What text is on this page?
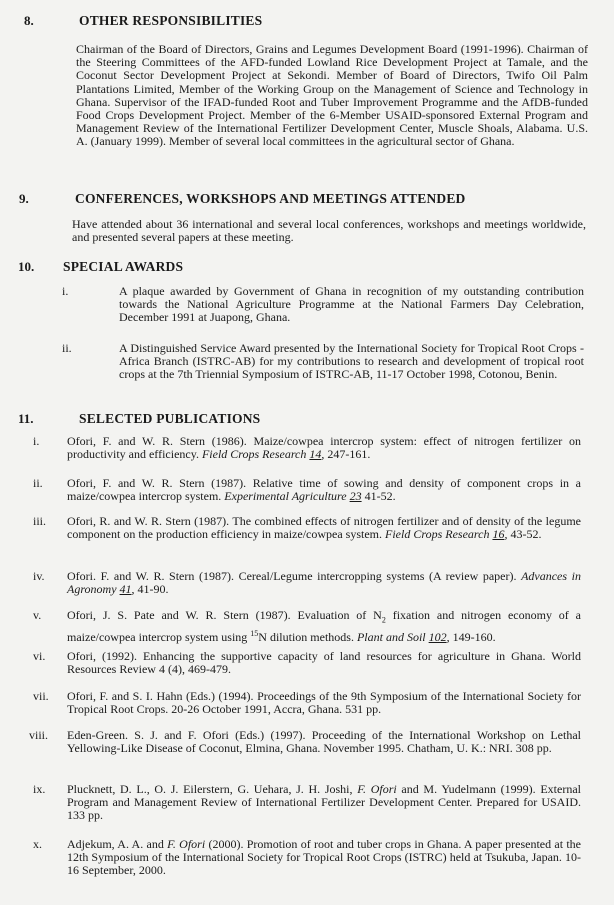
8.	OTHER RESPONSIBILITIES
Chairman of the Board of Directors, Grains and Legumes Development Board (1991-1996). Chairman of the Steering Committees of the AFD-funded Lowland Rice Development Project at Tamale, and the Coconut Sector Development Project at Sekondi. Member of Board of Directors, Twifo Oil Palm Plantations Limited, Member of the Working Group on the Management of Science and Technology in Ghana. Supervisor of the IFAD-funded Root and Tuber Improvement Programme and the AfDB-funded Food Crops Development Project. Member of the 6-Member USAID-sponsored External Program and Management Review of the International Fertilizer Development Center, Muscle Shoals, Alabama. U.S. A. (January 1999). Member of several local committees in the agricultural sector of Ghana.
9.	CONFERENCES, WORKSHOPS AND MEETINGS ATTENDED
Have attended about 36 international and several local conferences, workshops and meetings worldwide, and presented several papers at these meeting.
10. SPECIAL AWARDS
i.	A plaque awarded by Government of Ghana in recognition of my outstanding contribution towards the National Agriculture Programme at the National Farmers Day Celebration, December 1991 at Juapong, Ghana.
ii.	A Distinguished Service Award presented by the International Society for Tropical Root Crops - Africa Branch (ISTRC-AB) for my contributions to research and development of tropical root crops at the 7th Triennial Symposium of ISTRC-AB, 11-17 October 1998, Cotonou, Benin.
11.	SELECTED PUBLICATIONS
i. Ofori, F. and W. R. Stern (1986). Maize/cowpea intercrop system: effect of nitrogen fertilizer on productivity and efficiency. Field Crops Research 14, 247-161.
ii. Ofori, F. and W. R. Stern (1987). Relative time of sowing and density of component crops in a maize/cowpea intercrop system. Experimental Agriculture 23 41-52.
iii. Ofori, R. and W. R. Stern (1987). The combined effects of nitrogen fertilizer and of density of the legume component on the production efficiency in maize/cowpea system. Field Crops Research 16, 43-52.
iv. Ofori. F. and W. R. Stern (1987). Cereal/Legume intercropping systems (A review paper). Advances in Agronomy 41, 41-90.
v. Ofori, J. S. Pate and W. R. Stern (1987). Evaluation of $N_2$ fixation and nitrogen economy of a maize/cowpea intercrop system using $^{15}$N dilution methods. Plant and Soil 102, 149-160.
vi. Ofori, (1992). Enhancing the supportive capacity of land resources for agriculture in Ghana. World Resources Review 4 (4), 469-479.
vii. Ofori, F. and S. I. Hahn (Eds.) (1994). Proceedings of the 9th Symposium of the International Society for Tropical Root Crops. 20-26 October 1991, Accra, Ghana. 531 pp.
viii. Eden-Green. S. J. and F. Ofori (Eds.) (1997). Proceeding of the International Workshop on Lethal Yellowing-Like Disease of Coconut, Elmina, Ghana. November 1995. Chatham, U. K.: NRI. 308 pp.
ix. Plucknett, D. L., O. J. Eilerstern, G. Uehara, J. H. Joshi, F. Ofori and M. Yudelmann (1999). External Program and Management Review of International Fertilizer Development Center. Prepared for USAID. 133 pp.
x. Adjekum, A. A. and F. Ofori (2000). Promotion of root and tuber crops in Ghana. A paper presented at the 12th Symposium of the International Society for Tropical Root Crops (ISTRC) held at Tsukuba, Japan. 10-16 September, 2000.
